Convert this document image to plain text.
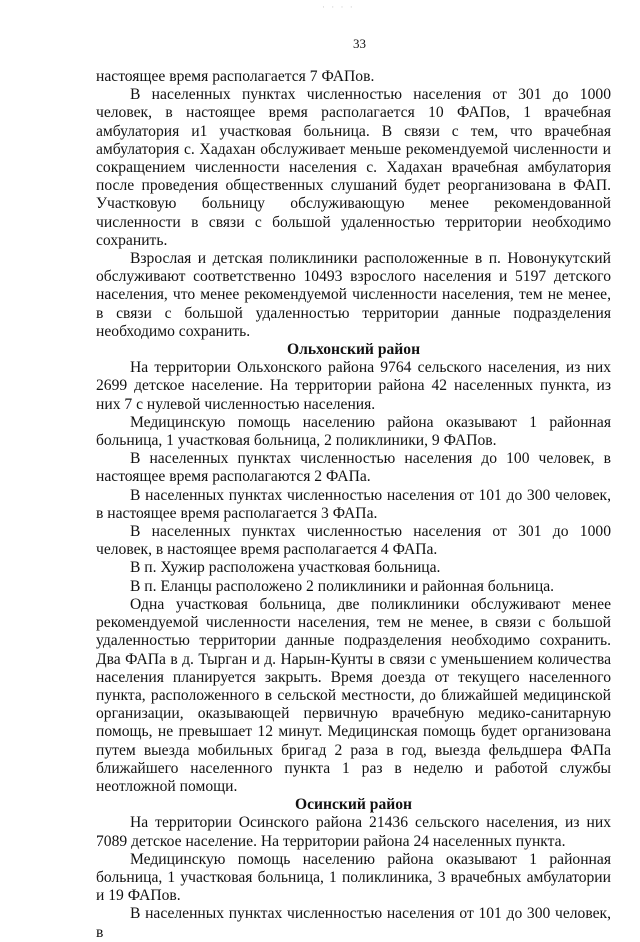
· · · ·
33

настоящее время располагается 7 ФАПов.

В населенных пунктах численностью населения от 301 до 1000 человек, в настоящее время располагается 10 ФАПов, 1 врачебная амбулатория и1 участковая больница. В связи с тем, что врачебная амбулатория с. Хадахан обслуживает меньше рекомендуемой численности и сокращением численности населения с. Хадахан врачебная амбулатория после проведения общественных слушаний будет реорганизована в ФАП. Участковую больницу обслуживающую менее рекомендованной численности в связи с большой удаленностью территории необходимо сохранить.

Взрослая и детская поликлиники расположенные в п. Новонукутский обслуживают соответственно 10493 взрослого населения и 5197 детского населения, что менее рекомендуемой численности населения, тем не менее, в связи с большой удаленностью территории данные подразделения необходимо сохранить.

Ольхонский район

На территории Ольхонского района 9764 сельского населения, из них 2699 детское население. На территории района 42 населенных пункта, из них 7 с нулевой численностью населения.

Медицинскую помощь населению района оказывают 1 районная больница, 1 участковая больница, 2 поликлиники, 9 ФАПов.

В населенных пунктах численностью населения до 100 человек, в настоящее время располагаются 2 ФАПа.

В населенных пунктах численностью населения от 101 до 300 человек, в настоящее время располагается 3 ФАПа.

В населенных пунктах численностью населения от 301 до 1000 человек, в настоящее время располагается 4 ФАПа.

В п. Хужир расположена участковая больница.

В п. Еланцы расположено 2 поликлиники и районная больница.

Одна участковая больница, две поликлиники обслуживают менее рекомендуемой численности населения, тем не менее, в связи с большой удаленностью территории данные подразделения необходимо сохранить. Два ФАПа в д. Тырган и д. Нарын-Кунты в связи с уменьшением количества населения планируется закрыть. Время доезда от текущего населенного пункта, расположенного в сельской местности, до ближайшей медицинской организации, оказывающей первичную врачебную медико-санитарную помощь, не превышает 12 минут. Медицинская помощь будет организована путем выезда мобильных бригад 2 раза в год, выезда фельдшера ФАПа ближайшего населенного пункта 1 раз в неделю и работой службы неотложной помощи.

Осинский район

На территории Осинского района 21436 сельского населения, из них 7089 детское население. На территории района 24 населенных пункта.

Медицинскую помощь населению района оказывают 1 районная больница, 1 участковая больница, 1 поликлиника, 3 врачебных амбулатории и 19 ФАПов.

В населенных пунктах численностью населения от 101 до 300 человек, в
